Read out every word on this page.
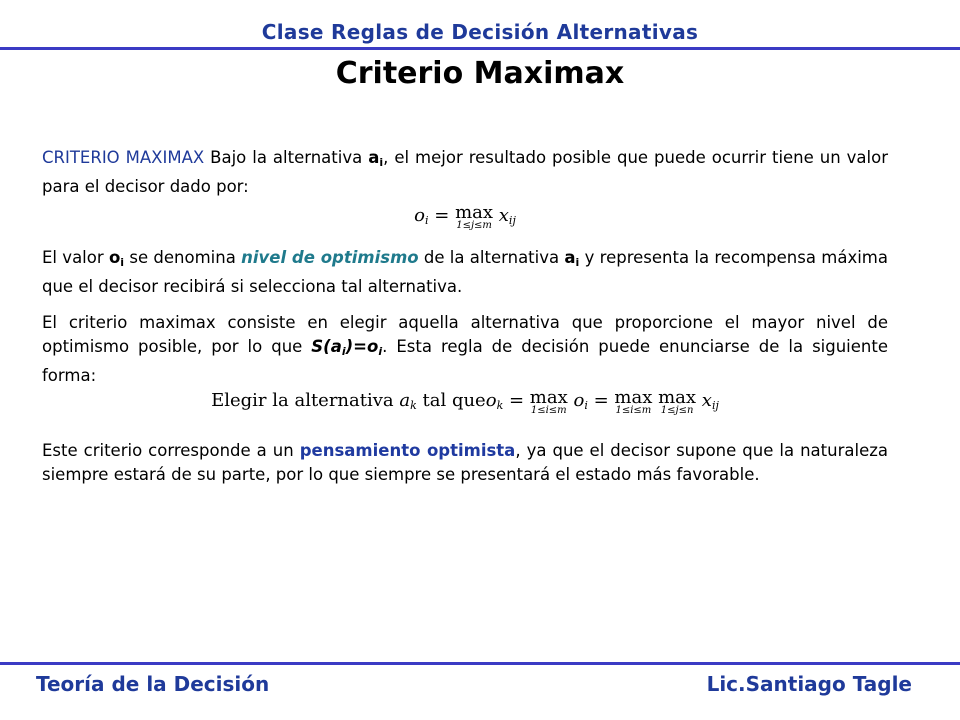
Clase Reglas de Decisión Alternativas
Criterio Maximax

CRITERIO MAXIMAX Bajo la alternativa $a_i$, el mejor resultado posible que puede ocurrir tiene un valor para el decisor dado por:

$o_i = \max$
1≤j≤m $x_{ij}$

El valor $o_i$ se denomina nivel de optimismo de la alternativa $a_i$ y representa la recompensa máxima que el decisor recibirá si selecciona tal alternativa.

El criterio maximax consiste en elegir aquella alternativa que proporcione el mayor nivel de optimismo posible, por lo que $S(a_i)=o_i$. Esta regla de decisión puede enunciarse de la siguiente forma:

Elegir la alternativa $a_k$ tal queo$_k$ = max
1≤i≤m $o_i = \max$
1≤i≤m
max
1≤j≤n $x_{ij}$

Este criterio corresponde a un pensamiento optimista, ya que el decisor supone que la naturaleza siempre estará de su parte, por lo que siempre se presentará el estado más favorable.

Teoría de la Decisión	Lic.Santiago Tagle
